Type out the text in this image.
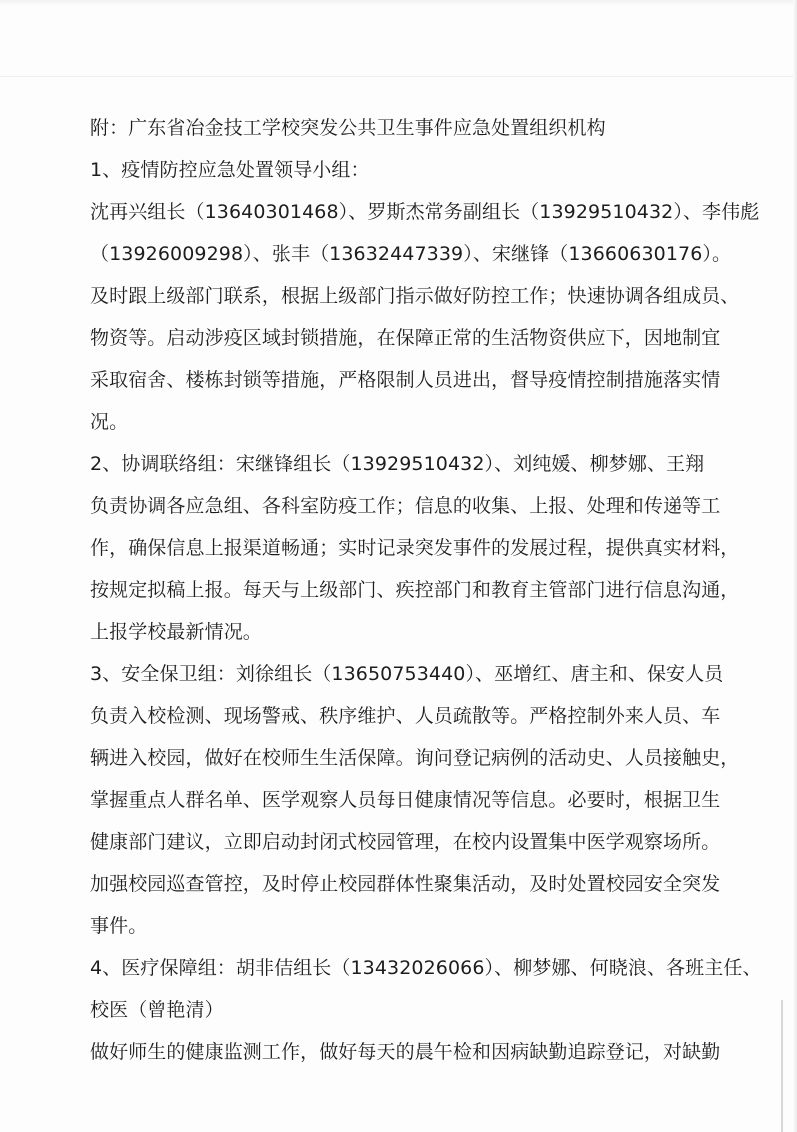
附：广东省冶金技工学校突发公共卫生事件应急处置组织机构
1、疫情防控应急处置领导小组：
沈再兴组长（13640301468）、罗斯杰常务副组长（13929510432）、李伟彪
（13926009298）、张丰（13632447339）、宋继锋（13660630176）。
及时跟上级部门联系，根据上级部门指示做好防控工作；快速协调各组成员、
物资等。启动涉疫区域封锁措施，在保障正常的生活物资供应下，因地制宜
采取宿舍、楼栋封锁等措施，严格限制人员进出，督导疫情控制措施落实情
况。
2、协调联络组：宋继锋组长（13929510432）、刘纯媛、柳梦娜、王翔
负责协调各应急组、各科室防疫工作；信息的收集、上报、处理和传递等工
作，确保信息上报渠道畅通；实时记录突发事件的发展过程，提供真实材料，
按规定拟稿上报。每天与上级部门、疾控部门和教育主管部门进行信息沟通，
上报学校最新情况。
3、安全保卫组：刘徐组长（13650753440）、巫增红、唐主和、保安人员
负责入校检测、现场警戒、秩序维护、人员疏散等。严格控制外来人员、车
辆进入校园，做好在校师生生活保障。询问登记病例的活动史、人员接触史，
掌握重点人群名单、医学观察人员每日健康情况等信息。必要时，根据卫生
健康部门建议，立即启动封闭式校园管理，在校内设置集中医学观察场所。
加强校园巡查管控，及时停止校园群体性聚集活动，及时处置校园安全突发
事件。
4、医疗保障组：胡非佶组长（13432026066）、柳梦娜、何晓浪、各班主任、
校医（曾艳清）
做好师生的健康监测工作，做好每天的晨午检和因病缺勤追踪登记，对缺勤
